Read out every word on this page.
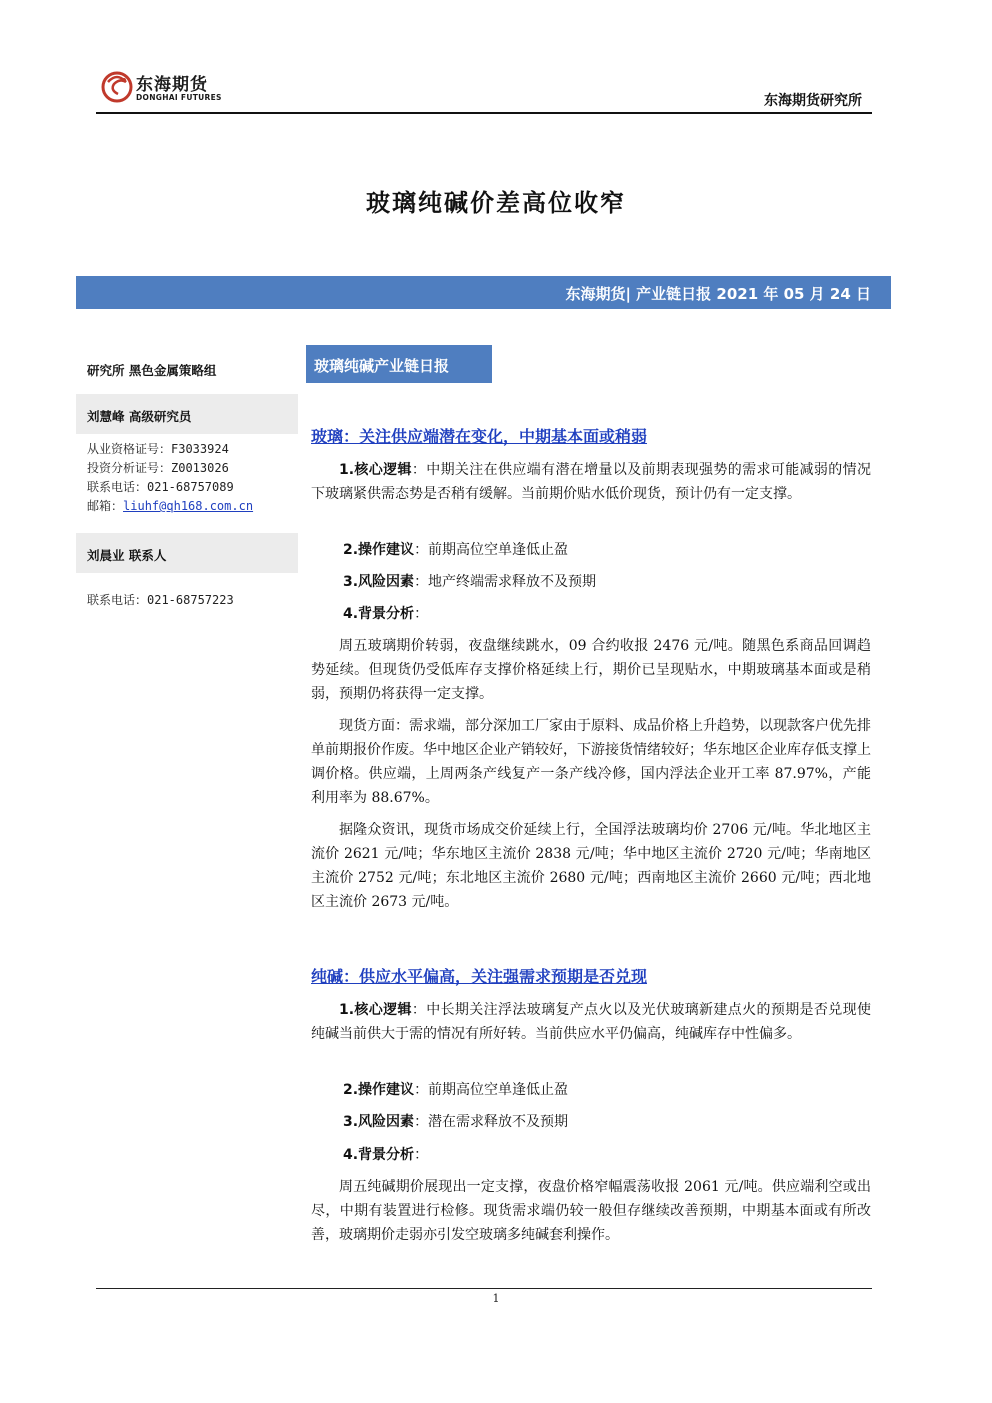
东海期货
DONGHAI FUTURES	东海期货研究所
玻璃纯碱价差高位收窄
东海期货| 产业链日报 2021 年 05 月 24 日
研究所 黑色金属策略组
刘慧峰 高级研究员
从业资格证号：F3033924
投资分析证号：Z0013026
联系电话：021-68757089
邮箱：liuhf@qh168.com.cn
刘晨业 联系人
联系电话：021-68757223
玻璃纯碱产业链日报
玻璃：关注供应端潜在变化，中期基本面或稍弱

1.核心逻辑：中期关注在供应端有潜在增量以及前期表现强势的需求可能减弱的情况下玻璃紧供需态势是否稍有缓解。当前期价贴水低价现货，预计仍有一定支撑。

2.操作建议：前期高位空单逢低止盈
3.风险因素：地产终端需求释放不及预期
4.背景分析：

周五玻璃期价转弱，夜盘继续跳水，09 合约收报 2476 元/吨。随黑色系商品回调趋势延续。但现货仍受低库存支撑价格延续上行，期价已呈现贴水，中期玻璃基本面或是稍弱，预期仍将获得一定支撑。

现货方面：需求端，部分深加工厂家由于原料、成品价格上升趋势，以现款客户优先排单前期报价作废。华中地区企业产销较好，下游接货情绪较好；华东地区企业库存低支撑上调价格。供应端，上周两条产线复产一条产线冷修，国内浮法企业开工率 87.97%，产能利用率为 88.67%。

据隆众资讯，现货市场成交价延续上行，全国浮法玻璃均价 2706 元/吨。华北地区主流价 2621 元/吨；华东地区主流价 2838 元/吨；华中地区主流价 2720 元/吨；华南地区主流价 2752 元/吨；东北地区主流价 2680 元/吨；西南地区主流价 2660 元/吨；西北地区主流价 2673 元/吨。

纯碱：供应水平偏高，关注强需求预期是否兑现

1.核心逻辑：中长期关注浮法玻璃复产点火以及光伏玻璃新建点火的预期是否兑现使纯碱当前供大于需的情况有所好转。当前供应水平仍偏高，纯碱库存中性偏多。

2.操作建议：前期高位空单逢低止盈
3.风险因素：潜在需求释放不及预期
4.背景分析：

周五纯碱期价展现出一定支撑，夜盘价格窄幅震荡收报 2061 元/吨。供应端利空或出尽，中期有装置进行检修。现货需求端仍较一般但存继续改善预期，中期基本面或有所改善，玻璃期价走弱亦引发空玻璃多纯碱套利操作。

1
